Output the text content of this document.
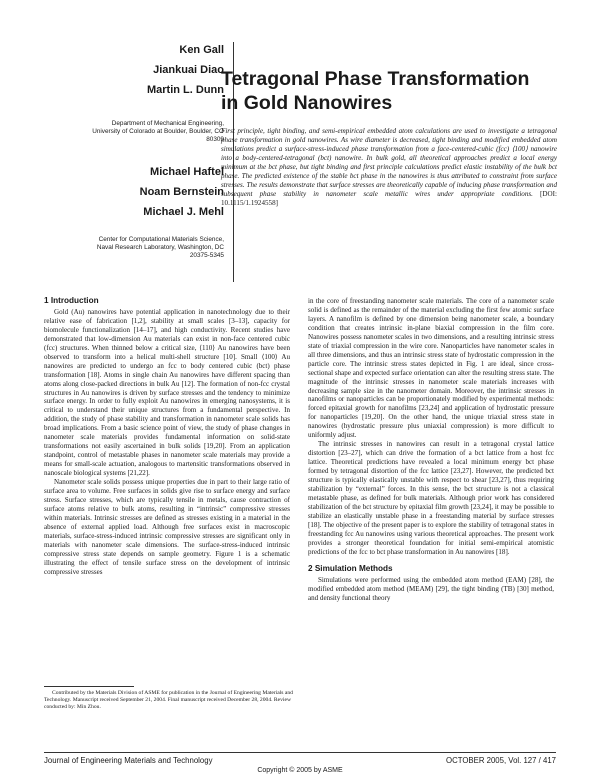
Ken Gall
Jiankuai Diao
Martin L. Dunn
Department of Mechanical Engineering,
University of Colorado at Boulder, Boulder, CO
80309
Michael Haftel
Noam Bernstein
Michael J. Mehl
Center for Computational Materials Science,
Naval Research Laboratory, Washington, DC
20375-5345
Tetragonal Phase Transformation
in Gold Nanowires
First principle, tight binding, and semi-empirical embedded atom calculations are used to investigate a tetragonal phase transformation in gold nanowires. As wire diameter is decreased, tight binding and modified embedded atom simulations predict a surface-stress-induced phase transformation from a face-centered-cubic (fcc) ⟨100⟩ nanowire into a body-centered-tetragonal (bct) nanowire. In bulk gold, all theoretical approaches predict a local energy minimum at the bct phase, but tight binding and first principle calculations predict elastic instability of the bulk bct phase. The predicted existence of the stable bct phase in the nanowires is thus attributed to constraint from surface stresses. The results demonstrate that surface stresses are theoretically capable of inducing phase transformation and subsequent phase stability in nanometer scale metallic wires under appropriate conditions. [DOI: 10.1115/1.1924558]
1 Introduction

Gold (Au) nanowires have potential application in nanotechnology due to their relative ease of fabrication [1,2], stability at small scales [3–13], capacity for biomolecule functionalization [14–17], and high conductivity. Recent studies have demonstrated that low-dimension Au materials can exist in non-face centered cubic (fcc) structures. When thinned below a critical size, ⟨110⟩ Au nanowires have been observed to transform into a helical multi-shell structure [10]. Small ⟨100⟩ Au nanowires are predicted to undergo an fcc to body centered cubic (bct) phase transformation [18]. Atoms in single chain Au nanowires have different spacing than atoms along close-packed directions in bulk Au [12]. The formation of non-fcc crystal structures in Au nanowires is driven by surface stresses and the tendency to minimize surface energy. In order to fully exploit Au nanowires in emerging nanosystems, it is critical to understand their unique structures from a fundamental perspective. In addition, the study of phase stability and transformation in nanometer scale solids has broad implications. From a basic science point of view, the study of phase changes in nanometer scale materials provides fundamental information on solid-state transformations not easily ascertained in bulk solids [19,20]. From an application standpoint, control of metastable phases in nanometer scale materials may provide a means for small-scale actuation, analogous to martensitic transformations observed in nanoscale biological systems [21,22].

Nanometer scale solids possess unique properties due in part to their large ratio of surface area to volume. Free surfaces in solids give rise to surface energy and surface stress. Surface stresses, which are typically tensile in metals, cause contraction of surface atoms relative to bulk atoms, resulting in “intrinsic” compressive stresses within materials. Intrinsic stresses are defined as stresses existing in a material in the absence of external applied load. Although free surfaces exist in macroscopic materials, surface-stress-induced intrinsic compressive stresses are significant only in materials with nanometer scale dimensions. The surface-stress-induced intrinsic compressive stress state depends on sample geometry. Figure 1 is a schematic illustrating the effect of tensile surface stress on the development of intrinsic compressive stresses

in the core of freestanding nanometer scale materials. The core of a nanometer scale solid is defined as the remainder of the material excluding the first few atomic surface layers. A nanofilm is defined by one dimension being nanometer scale, a boundary condition that creates intrinsic in-plane biaxial compression in the film core. Nanowires possess nanometer scales in two dimensions, and a resulting intrinsic stress state of triaxial compression in the wire core. Nanoparticles have nanometer scales in all three dimensions, and thus an intrinsic stress state of hydrostatic compression in the particle core. The intrinsic stress states depicted in Fig. 1 are ideal, since cross-sectional shape and expected surface orientation can alter the resulting stress state. The magnitude of the intrinsic stresses in nanometer scale materials increases with decreasing sample size in the nanometer domain. Moreover, the intrinsic stresses in nanofilms or nanoparticles can be proportionately modified by experimental methods: forced epitaxial growth for nanofilms [23,24] and application of hydrostatic pressure for nanoparticles [19,20]. On the other hand, the unique triaxial stress state in nanowires (hydrostatic pressure plus uniaxial compression) is more difficult to uniformly adjust.

The intrinsic stresses in nanowires can result in a tetragonal crystal lattice distortion [23–27], which can drive the formation of a bct lattice from a host fcc lattice. Theoretical predictions have revealed a local minimum energy bct phase formed by tetragonal distortion of the fcc lattice [23,27]. However, the predicted bct structure is typically elastically unstable with respect to shear [23,27], thus requiring stabilization by “external” forces. In this sense, the bct structure is not a classical metastable phase, as defined for bulk materials. Although prior work has considered stabilization of the bct structure by epitaxial film growth [23,24], it may be possible to stabilize an elastically unstable phase in a freestanding material by surface stresses [18]. The objective of the present paper is to explore the stability of tetragonal states in freestanding fcc Au nanowires using various theoretical approaches. The present work provides a stronger theoretical foundation for initial semi-empirical atomistic predictions of the fcc to bct phase transformation in Au nanowires [18].

2 Simulation Methods

Simulations were performed using the embedded atom method (EAM) [28], the modified embedded atom method (MEAM) [29], the tight binding (TB) [30] method, and density functional theory

Contributed by the Materials Division of ASME for publication in the Journal of Engineering Materials and Technology. Manuscript received September 21, 2004. Final manuscript received December 28, 2004. Review conducted by: Min Zhou.

Journal of Engineering Materials and Technology	OCTOBER 2005, Vol. 127 / 417
Copyright © 2005 by ASME
